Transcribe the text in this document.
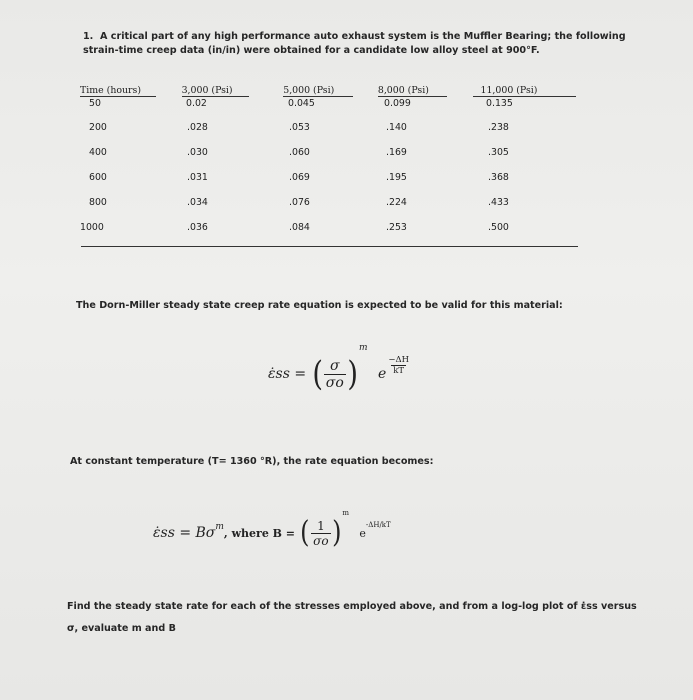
1. A critical part of any high performance auto exhaust system is the Muffler Bearing; the following strain-time creep data (in/in) were obtained for a candidate low alloy steel at 900°F.
Time (hours)	3,000 (Psi)	5,000 (Psi)	8,000 (Psi)	11,000 (Psi)
50	0.02	0.045	0.099	0.135
200	.028	.053	.140	.238
400	.030	.060	.169	.305
600	.031	.069	.195	.368
800	.034	.076	.224	.433
1000	.036	.084	.253	.500
The Dorn-Miller steady state creep rate equation is expected to be valid for this material:
ε̇ss = ( $\frac{\sigma}{\sigma o} )^m$ e $\frac{-\Delta H}{kT}$
At constant temperature (T= 1360 °R), the rate equation becomes:
ε̇ss = $B\sigma^m$, where B = ( $\frac{1}{\sigma o} )^m$ $e^{-\Delta H/kT}$
Find the steady state rate for each of the stresses employed above, and from a log-log plot of ε̇ss versus σ, evaluate m and B
